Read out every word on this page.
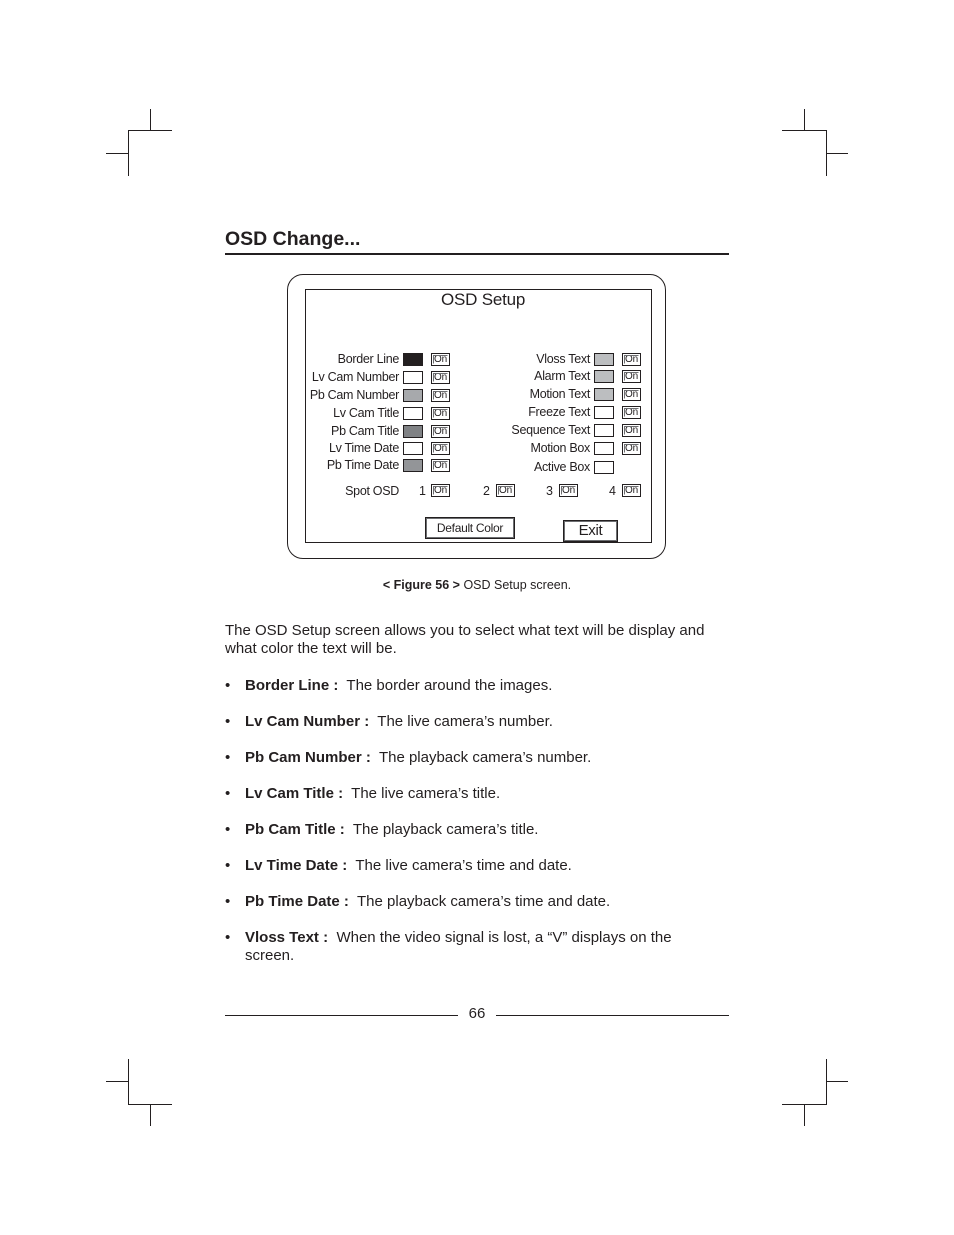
OSD Change...
OSD Setup
Border Line	On
Lv Cam Number	On
Pb Cam Number	On
Lv Cam Title	On
Pb Cam Title	On
Lv Time Date	On
Pb Time Date	On
Vloss Text	On
Alarm Text	On
Motion Text	On
Freeze Text	On
Sequence Text	On
Motion Box	On
Active Box
Spot OSD 1 On	2 On	3 On	4 On
Default Color	Exit
< Figure 56 > OSD Setup screen.

The OSD Setup screen allows you to select what text will be display and what color the text will be.

• Border Line : The border around the images.
• Lv Cam Number : The live camera’s number.
• Pb Cam Number : The playback camera’s number.
• Lv Cam Title : The live camera’s title.
• Pb Cam Title : The playback camera’s title.
• Lv Time Date : The live camera’s time and date.
• Pb Time Date : The playback camera’s time and date.
• Vloss Text : When the video signal is lost, a “V” displays on the screen.
66
